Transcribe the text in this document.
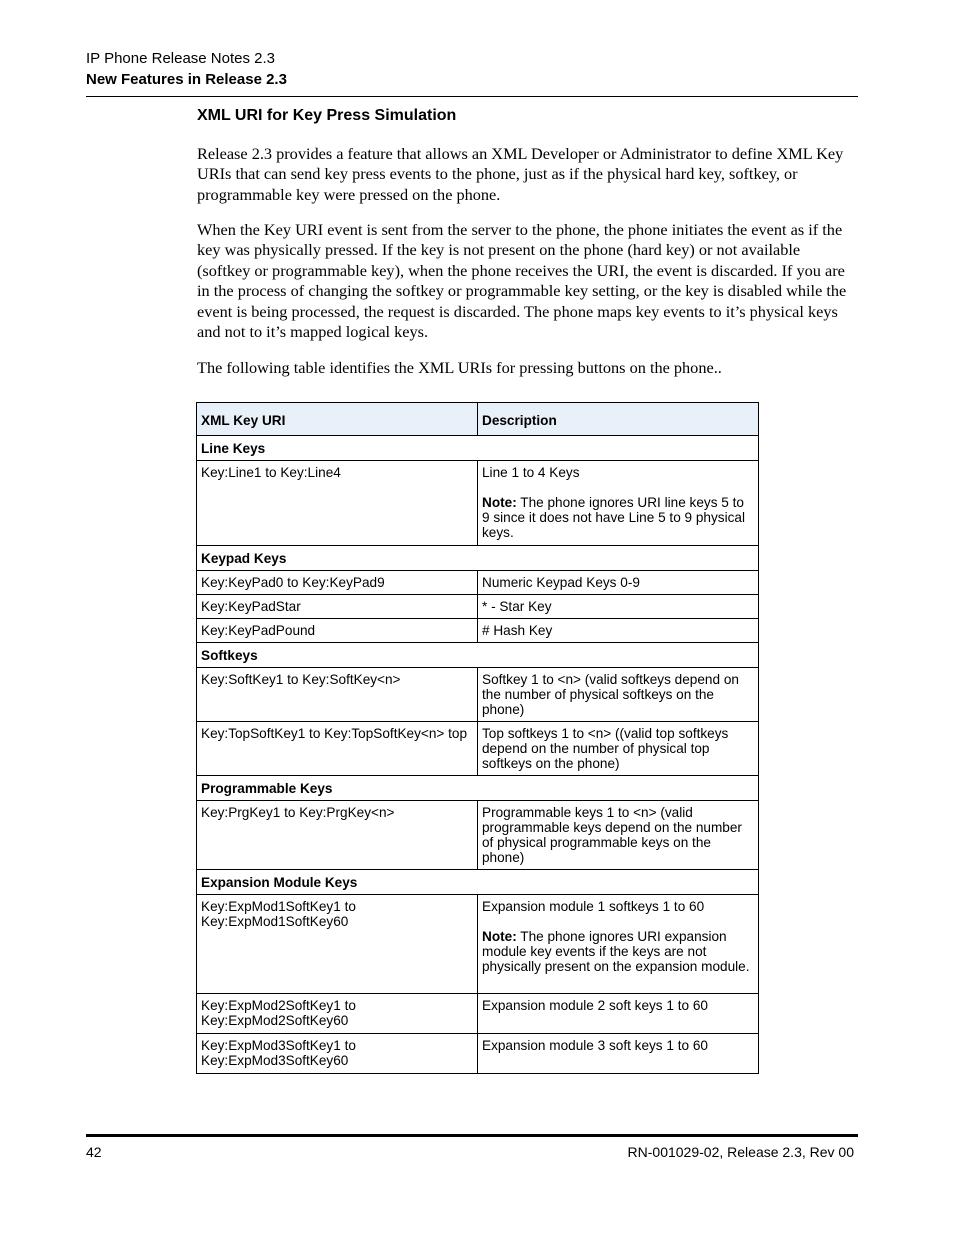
IP Phone Release Notes 2.3
New Features in Release 2.3
XML URI for Key Press Simulation
Release 2.3 provides a feature that allows an XML Developer or Administrator to define XML Key URIs that can send key press events to the phone, just as if the physical hard key, softkey, or programmable key were pressed on the phone.
When the Key URI event is sent from the server to the phone, the phone initiates the event as if the key was physically pressed. If the key is not present on the phone (hard key) or not available (softkey or programmable key), when the phone receives the URI, the event is discarded. If you are in the process of changing the softkey or programmable key setting, or the key is disabled while the event is being processed, the request is discarded. The phone maps key events to it’s physical keys and not to it’s mapped logical keys.
The following table identifies the XML URIs for pressing buttons on the phone..
XML Key URI	Description
Line Keys	
Key:Line1 to Key:Line4	Line 1 to 4 Keys
Note: The phone ignores URI line keys 5 to 9 since it does not have Line 5 to 9 physical keys.

Keypad Keys	
Key:KeyPad0 to Key:KeyPad9	Numeric Keypad Keys 0-9
Key:KeyPadStar	* - Star Key
Key:KeyPadPound	# Hash Key
Softkeys	
Key:SoftKey1 to Key:SoftKey<n>	Softkey 1 to <n> (valid softkeys depend on the number of physical softkeys on the phone)
Key:TopSoftKey1 to Key:TopSoftKey<n> top	Top softkeys 1 to <n> ((valid top softkeys depend on the number of physical top softkeys on the phone)
Programmable Keys	
Key:PrgKey1 to Key:PrgKey<n>	Programmable keys 1 to <n> (valid programmable keys depend on the number of physical programmable keys on the phone)
Expansion Module Keys	
Key:ExpMod1SoftKey1 to Key:ExpMod1SoftKey60	Expansion module 1 softkeys 1 to 60
Note: The phone ignores URI expansion module key events if the keys are not physically present on the expansion module.

Key:ExpMod2SoftKey1 to Key:ExpMod2SoftKey60	Expansion module 2 soft keys 1 to 60
Key:ExpMod3SoftKey1 to Key:ExpMod3SoftKey60	Expansion module 3 soft keys 1 to 60
42	RN-001029-02, Release 2.3, Rev 00
